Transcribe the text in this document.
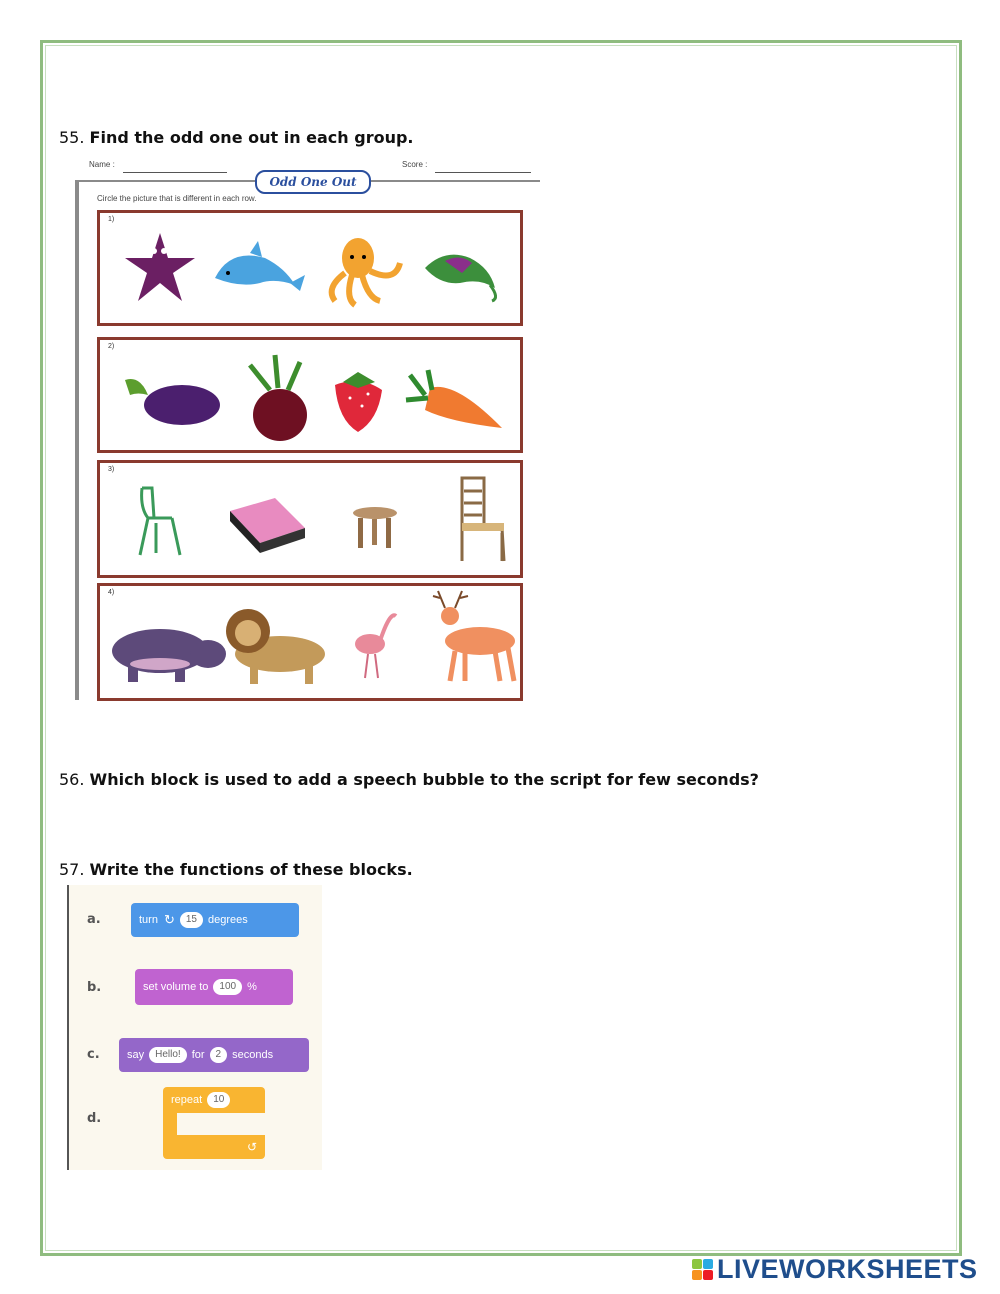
55. Find the odd one out in each group.
Name :	Score :
Odd One Out
Circle the picture that is different in each row.
1)
2)
3)
4)
56. Which block is used to add a speech bubble to the script for few seconds?
57. Write the functions of these blocks.
a.	turn ↻	15	degrees
b.	set volume to	100	%
c. say	Hello!	for	2	seconds
d.
repeat	10
↺
LIVEWORKSHEETS
